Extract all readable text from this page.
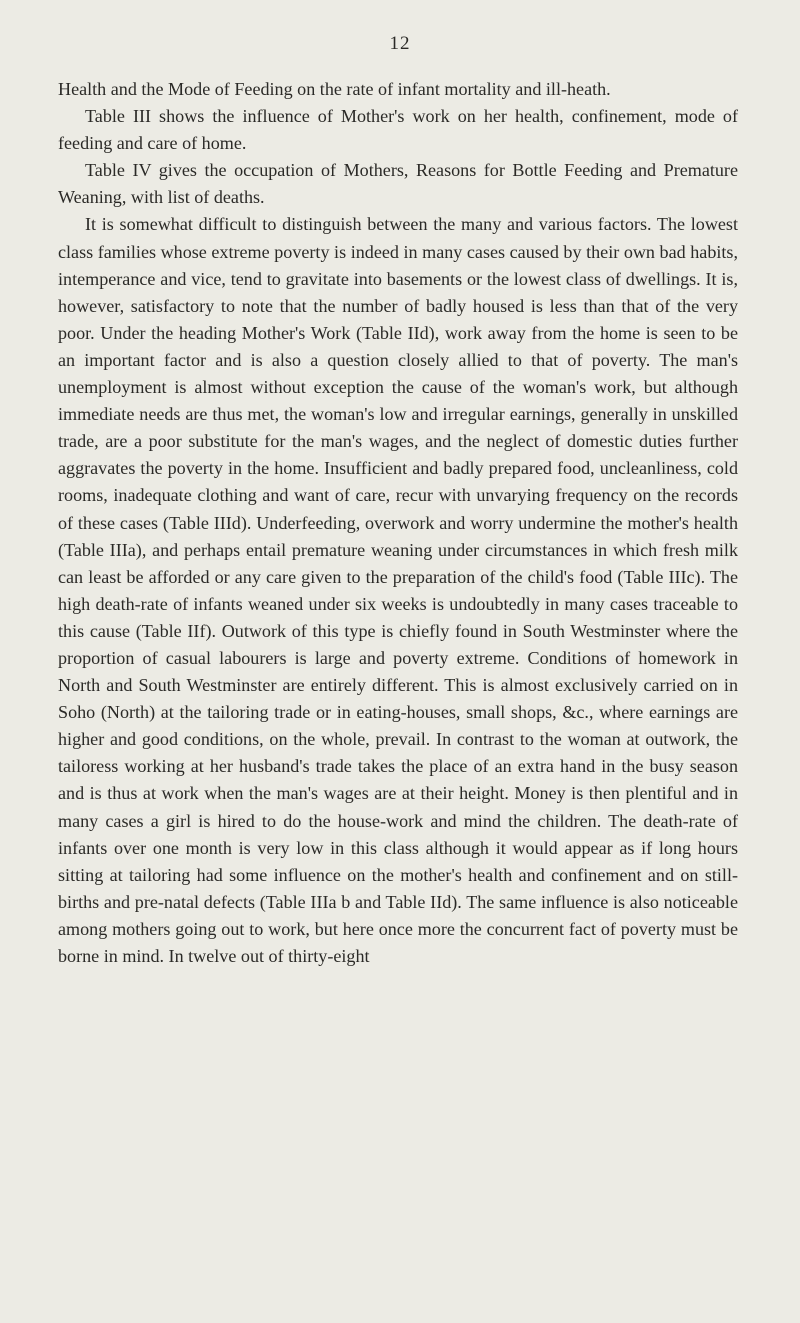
12

Health and the Mode of Feeding on the rate of infant mortality and ill-heath.

Table III shows the influence of Mother's work on her health, confinement, mode of feeding and care of home.

Table IV gives the occupation of Mothers, Reasons for Bottle Feeding and Premature Weaning, with list of deaths.

It is somewhat difficult to distinguish between the many and various factors. The lowest class families whose extreme poverty is indeed in many cases caused by their own bad habits, intemperance and vice, tend to gravitate into basements or the lowest class of dwellings. It is, however, satisfactory to note that the number of badly housed is less than that of the very poor. Under the heading Mother's Work (Table IId), work away from the home is seen to be an important factor and is also a question closely allied to that of poverty. The man's unemployment is almost without exception the cause of the woman's work, but although immediate needs are thus met, the woman's low and irregular earnings, generally in unskilled trade, are a poor substitute for the man's wages, and the neglect of domestic duties further aggravates the poverty in the home. Insufficient and badly prepared food, uncleanliness, cold rooms, inadequate clothing and want of care, recur with unvarying frequency on the records of these cases (Table IIId). Underfeeding, overwork and worry undermine the mother's health (Table IIIa), and perhaps entail premature weaning under circumstances in which fresh milk can least be afforded or any care given to the preparation of the child's food (Table IIIc). The high death-rate of infants weaned under six weeks is undoubtedly in many cases traceable to this cause (Table IIf). Outwork of this type is chiefly found in South Westminster where the proportion of casual labourers is large and poverty extreme. Conditions of homework in North and South Westminster are entirely different. This is almost exclusively carried on in Soho (North) at the tailoring trade or in eating-houses, small shops, &c., where earnings are higher and good conditions, on the whole, prevail. In contrast to the woman at outwork, the tailoress working at her husband's trade takes the place of an extra hand in the busy season and is thus at work when the man's wages are at their height. Money is then plentiful and in many cases a girl is hired to do the house-work and mind the children. The death-rate of infants over one month is very low in this class although it would appear as if long hours sitting at tailoring had some influence on the mother's health and confinement and on still-births and pre-natal defects (Table IIIa b and Table IId). The same influence is also noticeable among mothers going out to work, but here once more the concurrent fact of poverty must be borne in mind. In twelve out of thirty-eight
